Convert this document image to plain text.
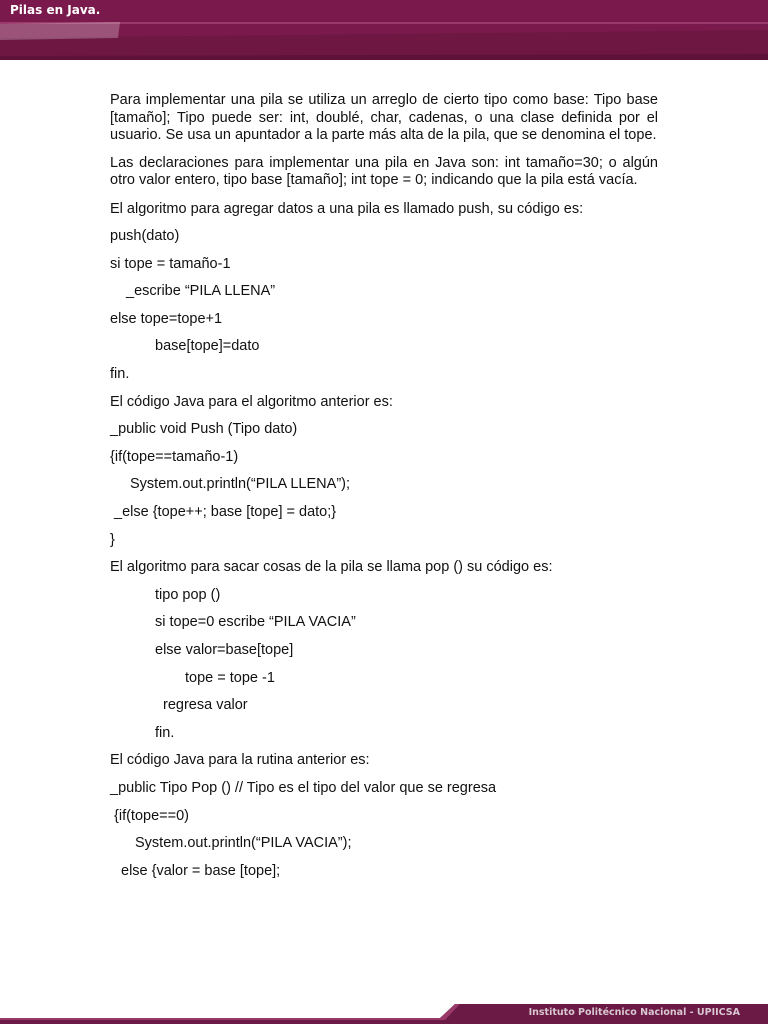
Pilas en Java.

Para implementar una pila se utiliza un arreglo de cierto tipo como base: Tipo base [tamaño]; Tipo puede ser: int, doublé, char, cadenas, o una clase definida por el usuario. Se usa un apuntador a la parte más alta de la pila, que se denomina el tope.

Las declaraciones para implementar una pila en Java son: int tamaño=30; o algún otro valor entero, tipo base [tamaño]; int tope = 0; indicando que la pila está vacía.

El algoritmo para agregar datos a una pila es llamado push, su código es:
push(dato)
si tope = tamaño-1
_escribe “PILA LLENA”
else tope=tope+1
base[tope]=dato
fin.
El código Java para el algoritmo anterior es:
_public void Push (Tipo dato)
{if(tope==tamaño-1)
System.out.println(“PILA LLENA”);
_else {tope++; base [tope] = dato;}
}
El algoritmo para sacar cosas de la pila se llama pop () su código es:
tipo pop ()
si tope=0 escribe “PILA VACIA”
else valor=base[tope]
tope = tope -1
regresa valor
fin.
El código Java para la rutina anterior es:
_public Tipo Pop () // Tipo es el tipo del valor que se regresa
{if(tope==0)
System.out.println(“PILA VACIA”);
else {valor = base [tope];
Instituto Politécnico Nacional - UPIICSA
